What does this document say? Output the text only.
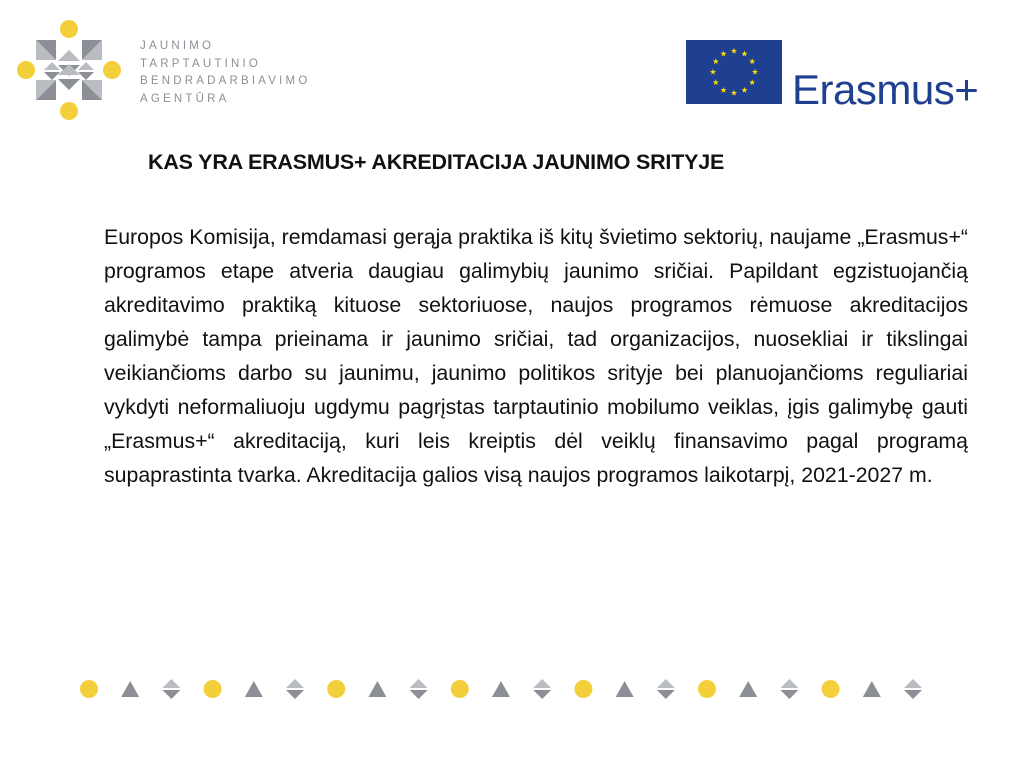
JAUNIMO
TARPTAUTINIO
BENDRADARBIAVIMO
AGENTŪRA	Erasmus+
KAS YRA ERASMUS+ AKREDITACIJA JAUNIMO SRITYJE

Europos Komisija, remdamasi gerąja praktika iš kitų švietimo sektorių, naujame „Erasmus+“ programos etape atveria daugiau galimybių jaunimo sričiai. Papildant egzistuojančią akreditavimo praktiką kituose sektoriuose, naujos programos rėmuose akreditacijos galimybė tampa prieinama ir jaunimo sričiai, tad organizacijos, nuosekliai ir tikslingai veikiančioms darbo su jaunimu, jaunimo politikos srityje bei planuojančioms reguliariai vykdyti neformaliuoju ugdymu pagrįstas tarptautinio mobilumo veiklas, įgis galimybę gauti „Erasmus+“ akreditaciją, kuri leis kreiptis dėl veiklų finansavimo pagal programą supaprastinta tvarka. Akreditacija galios visą naujos programos laikotarpį, 2021-2027 m.
